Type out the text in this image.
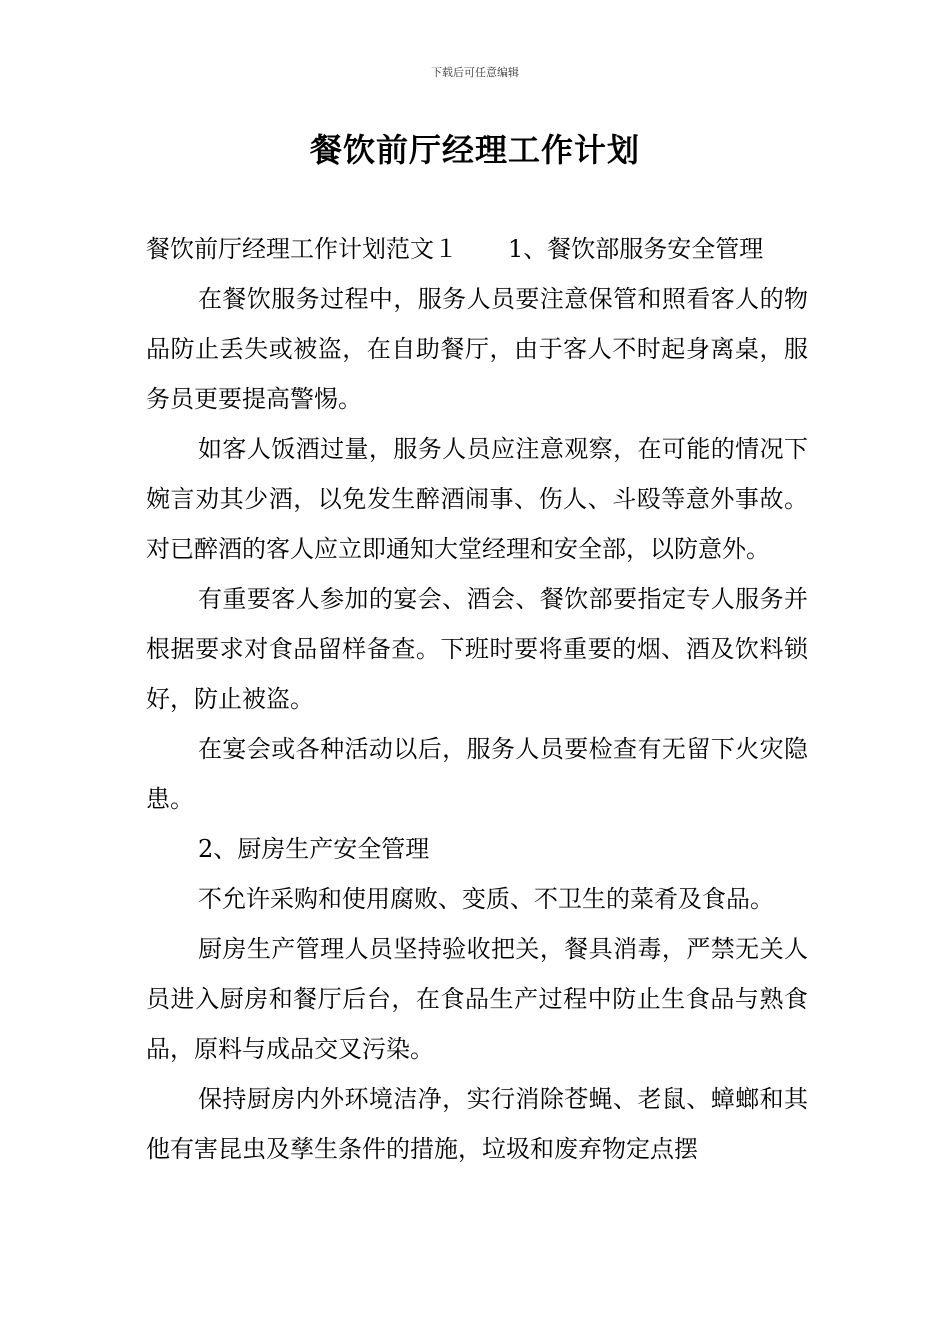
下载后可任意编辑
餐饮前厅经理工作计划

餐饮前厅经理工作计划范文１ 1、餐饮部服务安全管理

在餐饮服务过程中，服务人员要注意保管和照看客人的物品防止丢失或被盗，在自助餐厅，由于客人不时起身离桌，服务员更要提高警惕。

如客人饭酒过量，服务人员应注意观察，在可能的情况下婉言劝其少酒，以免发生醉酒闹事、伤人、斗殴等意外事故。对已醉酒的客人应立即通知大堂经理和安全部，以防意外。

有重要客人参加的宴会、酒会、餐饮部要指定专人服务并根据要求对食品留样备查。下班时要将重要的烟、酒及饮料锁好，防止被盗。

在宴会或各种活动以后，服务人员要检查有无留下火灾隐患。

2、厨房生产安全管理

不允许采购和使用腐败、变质、不卫生的菜肴及食品。

厨房生产管理人员坚持验收把关，餐具消毒，严禁无关人员进入厨房和餐厅后台，在食品生产过程中防止生食品与熟食品，原料与成品交叉污染。

保持厨房内外环境洁净，实行消除苍蝇、老鼠、蟑螂和其他有害昆虫及孳生条件的措施，垃圾和废弃物定点摆
